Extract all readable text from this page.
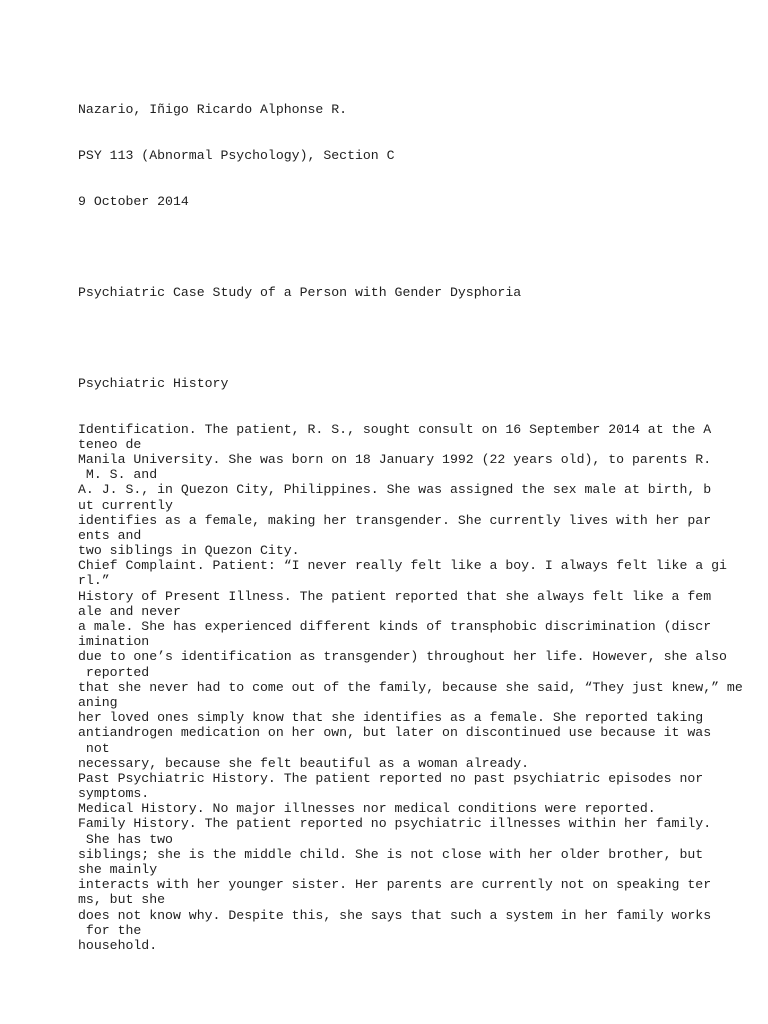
Nazario, Iñigo Ricardo Alphonse R.

PSY 113 (Abnormal Psychology), Section C

9 October 2014

Psychiatric Case Study of a Person with Gender Dysphoria

Psychiatric History

Identification. The patient, R. S., sought consult on 16 September 2014 at the A
teneo de
Manila University. She was born on 18 January 1992 (22 years old), to parents R.
M. S. and
A. J. S., in Quezon City, Philippines. She was assigned the sex male at birth, b
ut currently
identifies as a female, making her transgender. She currently lives with her par
ents and
two siblings in Quezon City.
Chief Complaint. Patient: “I never really felt like a boy. I always felt like a gi
rl.”
History of Present Illness. The patient reported that she always felt like a fem
ale and never
a male. She has experienced different kinds of transphobic discrimination (discr
imination
due to one’s identification as transgender) throughout her life. However, she also
reported
that she never had to come out of the family, because she said, “They just knew,” me
aning
her loved ones simply know that she identifies as a female. She reported taking
antiandrogen medication on her own, but later on discontinued use because it was
not
necessary, because she felt beautiful as a woman already.
Past Psychiatric History. The patient reported no past psychiatric episodes nor
symptoms.
Medical History. No major illnesses nor medical conditions were reported.
Family History. The patient reported no psychiatric illnesses within her family.
She has two
siblings; she is the middle child. She is not close with her older brother, but
she mainly
interacts with her younger sister. Her parents are currently not on speaking ter
ms, but she
does not know why. Despite this, she says that such a system in her family works
for the
household.
